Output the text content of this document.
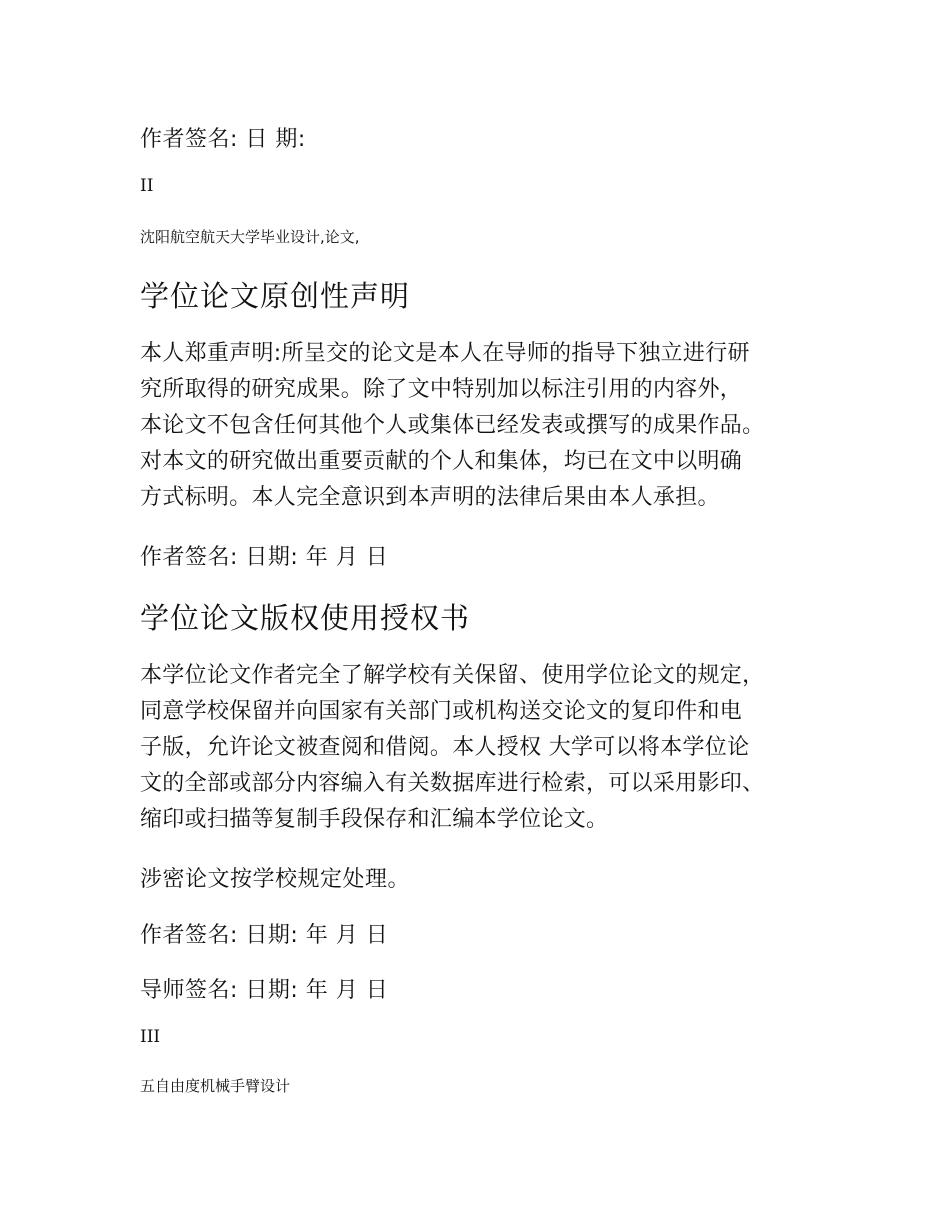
作者签名: 日 期:

II

沈阳航空航天大学毕业设计,论文,

学位论文原创性声明
本人郑重声明:所呈交的论文是本人在导师的指导下独立进行研
究所取得的研究成果。除了文中特别加以标注引用的内容外，
本论文不包含任何其他个人或集体已经发表或撰写的成果作品。
对本文的研究做出重要贡献的个人和集体，均已在文中以明确
方式标明。本人完全意识到本声明的法律后果由本人承担。

作者签名: 日期: 年 月 日

学位论文版权使用授权书
本学位论文作者完全了解学校有关保留、使用学位论文的规定，
同意学校保留并向国家有关部门或机构送交论文的复印件和电
子版，允许论文被查阅和借阅。本人授权 大学可以将本学位论
文的全部或部分内容编入有关数据库进行检索，可以采用影印、
缩印或扫描等复制手段保存和汇编本学位论文。

涉密论文按学校规定处理。

作者签名: 日期: 年 月 日

导师签名: 日期: 年 月 日

III

五自由度机械手臂设计
